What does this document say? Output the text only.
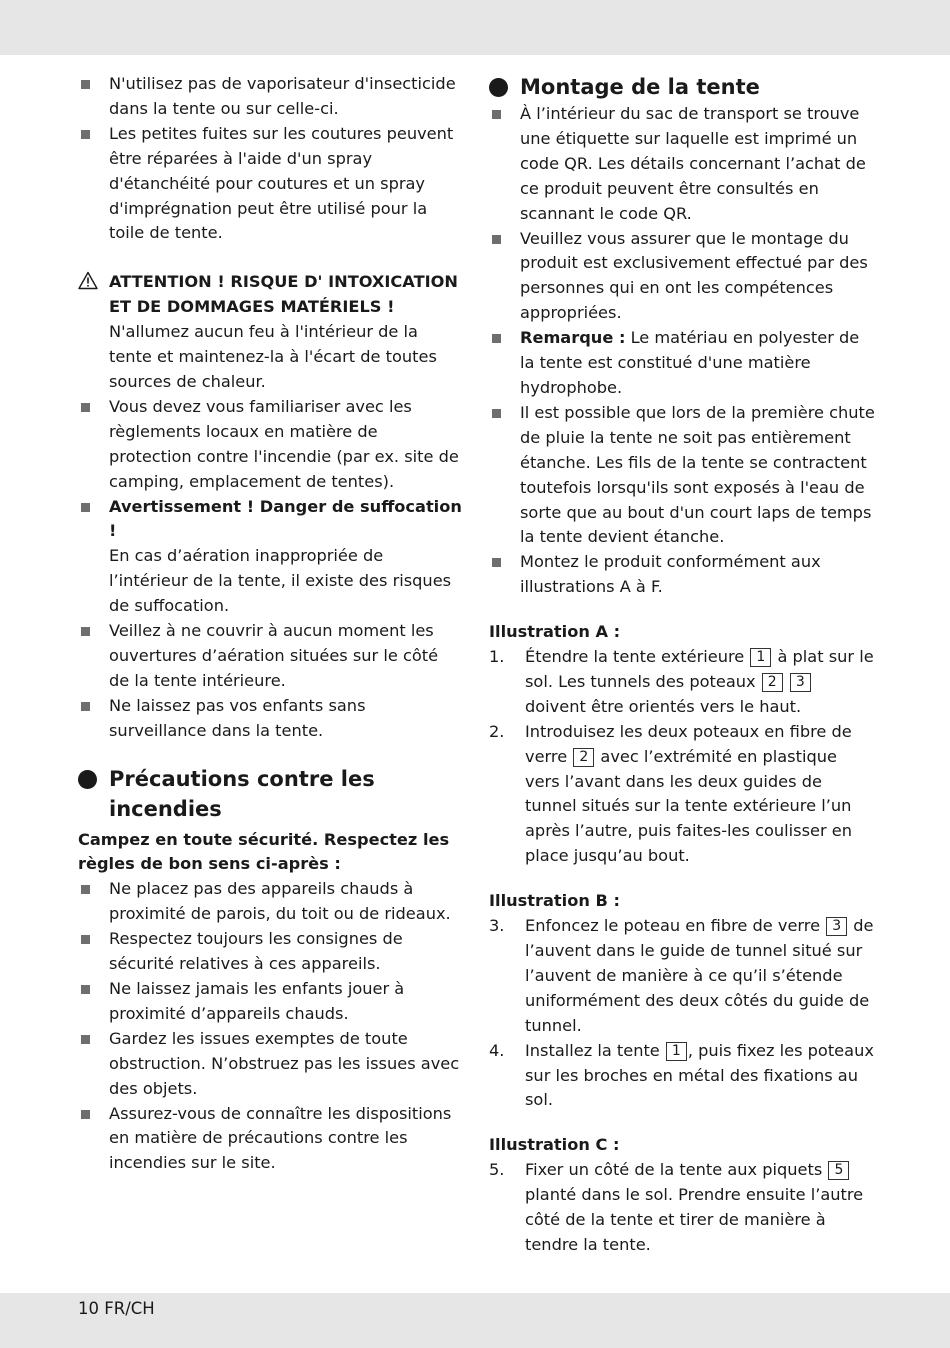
N'utilisez pas de vaporisateur d'insecticide dans la tente ou sur celle-ci.
Les petites fuites sur les coutures peuvent être réparées à l'aide d'un spray d'étanchéité pour coutures et un spray d'imprégnation peut être utilisé pour la toile de tente.
ATTENTION ! RISQUE D' INTOXICATION ET DE DOMMAGES MATÉRIELS ! N'allumez aucun feu à l'intérieur de la tente et maintenez-la à l'écart de toutes sources de chaleur.
Vous devez vous familiariser avec les règlements locaux en matière de protection contre l'incendie (par ex. site de camping, emplacement de tentes).
Avertissement ! Danger de suffocation !
En cas d’aération inappropriée de l’intérieur de la tente, il existe des risques de suffocation.
Veillez à ne couvrir à aucun moment les ouvertures d’aération situées sur le côté de la tente intérieure.
Ne laissez pas vos enfants sans surveillance dans la tente.
Précautions contre les incendies
Campez en toute sécurité. Respectez les règles de bon sens ci-après :
Ne placez pas des appareils chauds à proximité de parois, du toit ou de rideaux.
Respectez toujours les consignes de sécurité relatives à ces appareils.
Ne laissez jamais les enfants jouer à proximité d’appareils chauds.
Gardez les issues exemptes de toute obstruction. N’obstruez pas les issues avec des objets.
Assurez-vous de connaître les dispositions en matière de précautions contre les incendies sur le site.
Montage de la tente
À l’intérieur du sac de transport se trouve une étiquette sur laquelle est imprimé un code QR. Les détails concernant l’achat de ce produit peuvent être consultés en scannant le code QR.
Veuillez vous assurer que le montage du produit est exclusivement effectué par des personnes qui en ont les compétences appropriées.
Remarque : Le matériau en polyester de la tente est constitué d'une matière hydrophobe.
Il est possible que lors de la première chute de pluie la tente ne soit pas entièrement étanche. Les fils de la tente se contractent toutefois lorsqu'ils sont exposés à l'eau de sorte que au bout d'un court laps de temps la tente devient étanche.
Montez le produit conformément aux illustrations A à F.
Illustration A :
1. Étendre la tente extérieure 1 à plat sur le sol. Les tunnels des poteaux 2 3 doivent être orientés vers le haut.
2. Introduisez les deux poteaux en fibre de verre 2 avec l’extrémité en plastique vers l’avant dans les deux guides de tunnel situés sur la tente extérieure l’un après l’autre, puis faites-les coulisser en place jusqu’au bout.
Illustration B :
3. Enfoncez le poteau en fibre de verre 3 de l’auvent dans le guide de tunnel situé sur l’auvent de manière à ce qu’il s’étende uniformément des deux côtés du guide de tunnel.
4. Installez la tente 1 , puis fixez les poteaux sur les broches en métal des fixations au sol.
Illustration C :
5. Fixer un côté de la tente aux piquets 5 planté dans le sol. Prendre ensuite l’autre côté de la tente et tirer de manière à tendre la tente.
10 FR/CH
